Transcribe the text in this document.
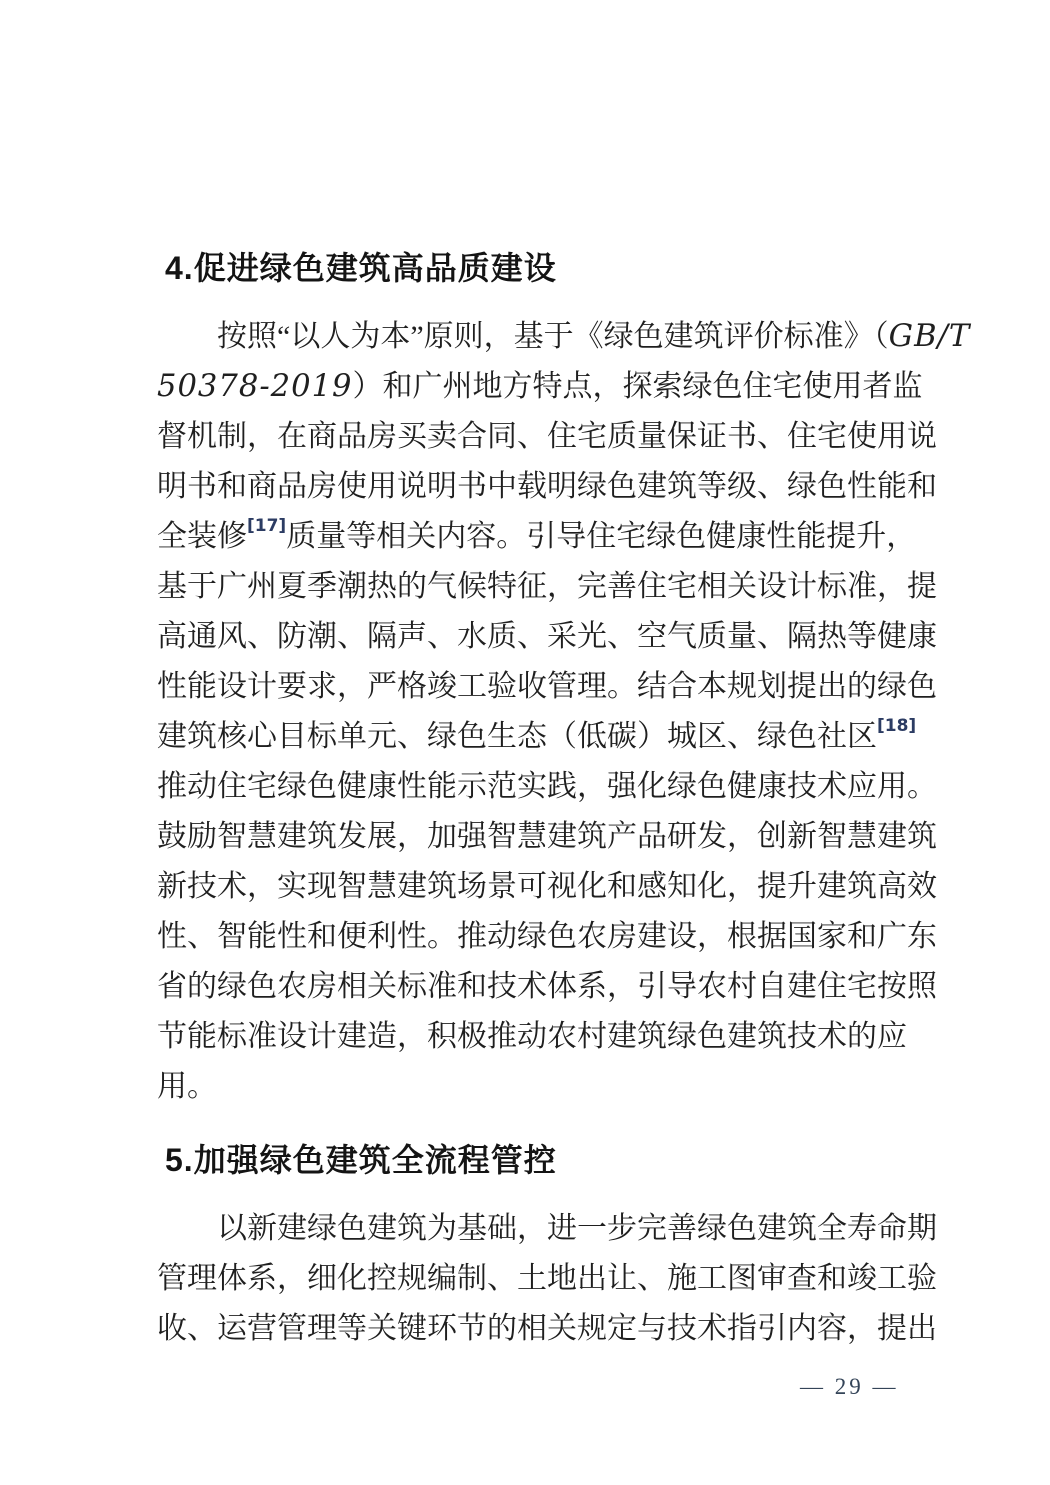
4.促进绿色建筑高品质建设
按照“以人为本”原则，基于《绿色建筑评价标准》（GB/T
50378-2019）和广州地方特点，探索绿色住宅使用者监
督机制，在商品房买卖合同、住宅质量保证书、住宅使用说
明书和商品房使用说明书中载明绿色建筑等级、绿色性能和
全装修[17]质量等相关内容。引导住宅绿色健康性能提升，
基于广州夏季潮热的气候特征，完善住宅相关设计标准，提
高通风、防潮、隔声、水质、采光、空气质量、隔热等健康
性能设计要求，严格竣工验收管理。结合本规划提出的绿色
建筑核心目标单元、绿色生态（低碳）城区、绿色社区[18]
推动住宅绿色健康性能示范实践，强化绿色健康技术应用。
鼓励智慧建筑发展，加强智慧建筑产品研发，创新智慧建筑
新技术，实现智慧建筑场景可视化和感知化，提升建筑高效
性、智能性和便利性。推动绿色农房建设，根据国家和广东
省的绿色农房相关标准和技术体系，引导农村自建住宅按照
节能标准设计建造，积极推动农村建筑绿色建筑技术的应
用。
5.加强绿色建筑全流程管控
以新建绿色建筑为基础，进一步完善绿色建筑全寿命期
管理体系，细化控规编制、土地出让、施工图审查和竣工验
收、运营管理等关键环节的相关规定与技术指引内容，提出
— 29 —
